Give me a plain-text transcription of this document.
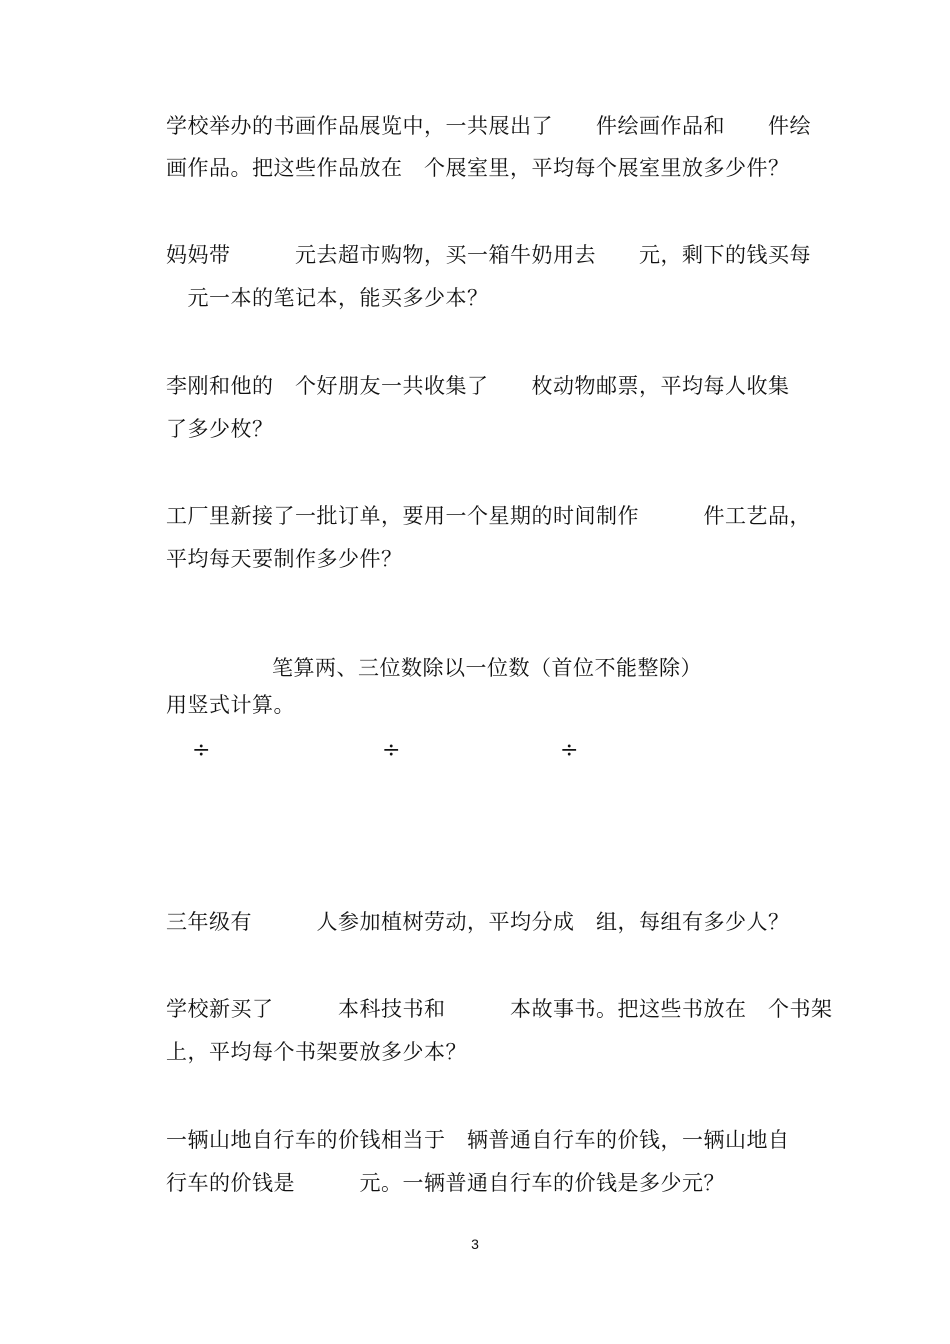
学校举办的书画作品展览中，一共展出了　　件绘画作品和　　件绘
画作品。把这些作品放在　个展室里，平均每个展室里放多少件？
妈妈带　　　元去超市购物，买一箱牛奶用去　　元，剩下的钱买每
　元一本的笔记本，能买多少本？
李刚和他的　个好朋友一共收集了　　枚动物邮票，平均每人收集
了多少枚？
工厂里新接了一批订单，要用一个星期的时间制作　　　件工艺品，
平均每天要制作多少件？
笔算两、三位数除以一位数（首位不能整除）
用竖式计算。
÷	÷	÷
三年级有　　　人参加植树劳动，平均分成　组，每组有多少人？
学校新买了　　　本科技书和　　　本故事书。把这些书放在　个书架
上，平均每个书架要放多少本？
一辆山地自行车的价钱相当于　辆普通自行车的价钱，一辆山地自
行车的价钱是　　　元。一辆普通自行车的价钱是多少元？
3
